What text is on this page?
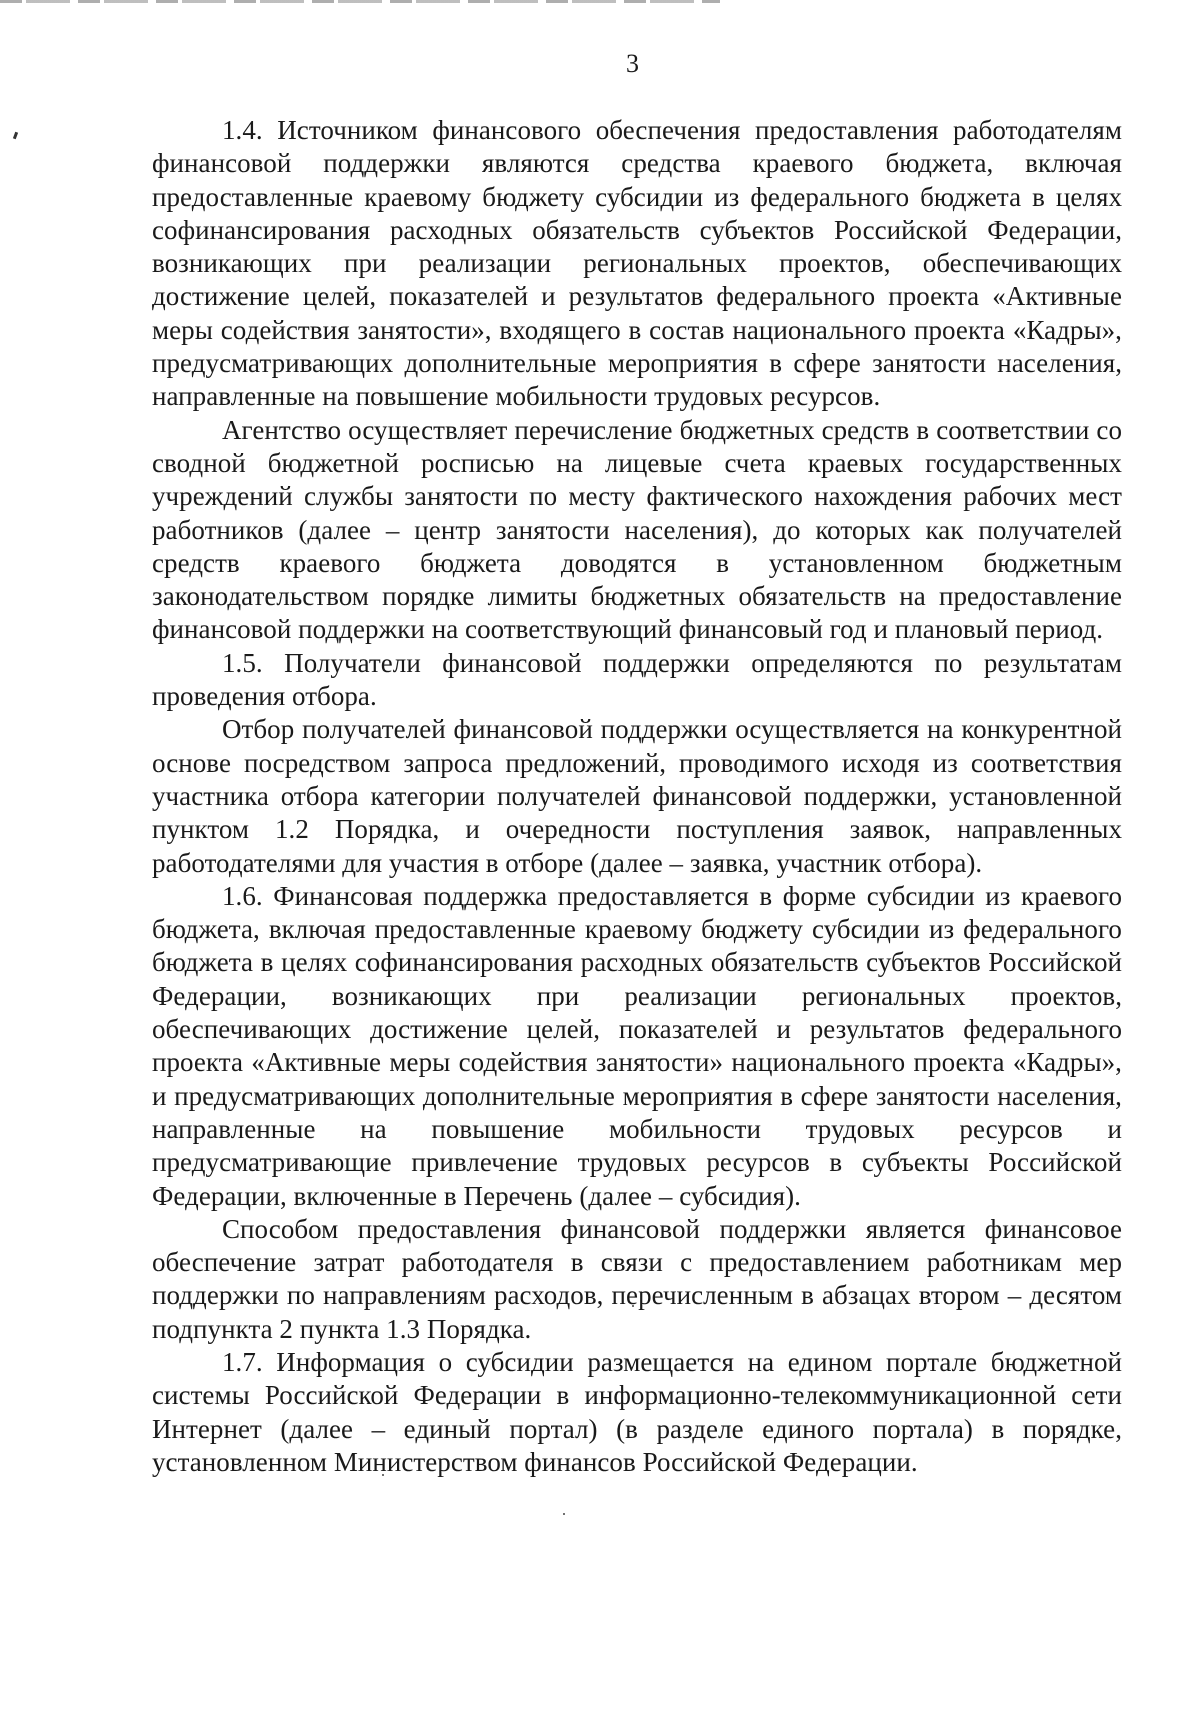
3

1.4. Источником финансового обеспечения предоставления работодателям финансовой поддержки являются средства краевого бюджета, включая предоставленные краевому бюджету субсидии из федерального бюджета в целях софинансирования расходных обязательств субъектов Российской Федерации, возникающих при реализации региональных проектов, обеспечивающих достижение целей, показателей и результатов федерального проекта «Активные меры содействия занятости», входящего в состав национального проекта «Кадры», предусматривающих дополнительные мероприятия в сфере занятости населения, направленные на повышение мобильности трудовых ресурсов.

Агентство осуществляет перечисление бюджетных средств в соответствии со сводной бюджетной росписью на лицевые счета краевых государственных учреждений службы занятости по месту фактического нахождения рабочих мест работников (далее – центр занятости населения), до которых как получателей средств краевого бюджета доводятся в установленном бюджетным законодательством порядке лимиты бюджетных обязательств на предоставление финансовой поддержки на соответствующий финансовый год и плановый период.

1.5. Получатели финансовой поддержки определяются по результатам проведения отбора.

Отбор получателей финансовой поддержки осуществляется на конкурентной основе посредством запроса предложений, проводимого исходя из соответствия участника отбора категории получателей финансовой поддержки, установленной пунктом 1.2 Порядка, и очередности поступления заявок, направленных работодателями для участия в отборе (далее – заявка, участник отбора).

1.6. Финансовая поддержка предоставляется в форме субсидии из краевого бюджета, включая предоставленные краевому бюджету субсидии из федерального бюджета в целях софинансирования расходных обязательств субъектов Российской Федерации, возникающих при реализации региональных проектов, обеспечивающих достижение целей, показателей и результатов федерального проекта «Активные меры содействия занятости» национального проекта «Кадры», и предусматривающих дополнительные мероприятия в сфере занятости населения, направленные на повышение мобильности трудовых ресурсов и предусматривающие привлечение трудовых ресурсов в субъекты Российской Федерации, включенные в Перечень (далее – субсидия).

Способом предоставления финансовой поддержки является финансовое обеспечение затрат работодателя в связи с предоставлением работникам мер поддержки по направлениям расходов, перечисленным в абзацах втором – десятом подпункта 2 пункта 1.3 Порядка.

1.7. Информация о субсидии размещается на едином портале бюджетной системы Российской Федерации в информационно-телекоммуникационной сети Интернет (далее – единый портал) (в разделе единого портала) в порядке, установленном Министерством финансов Российской Федерации.
